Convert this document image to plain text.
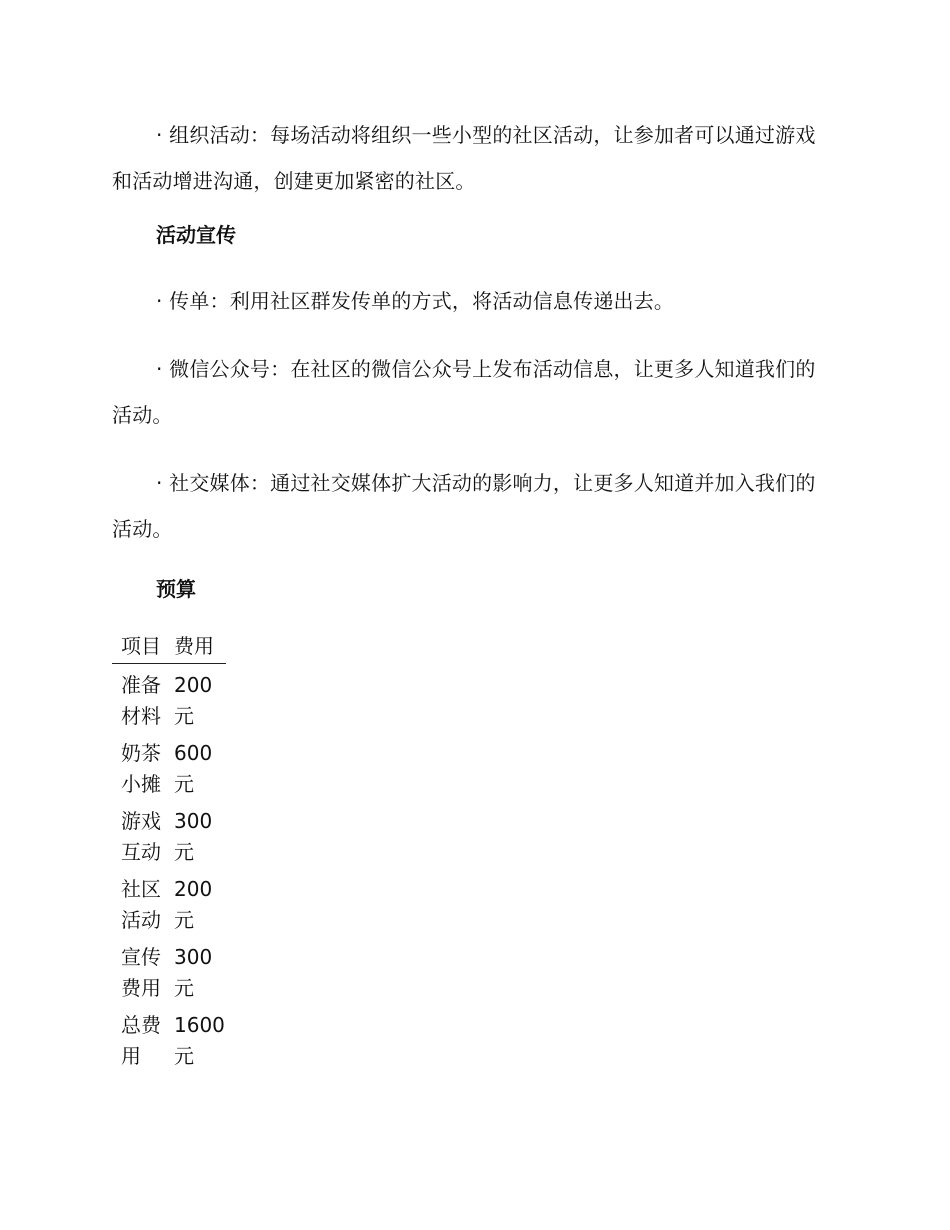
· 组织活动：每场活动将组织一些小型的社区活动，让参加者可以通过游戏和活动增进沟通，创建更加紧密的社区。

活动宣传

· 传单：利用社区群发传单的方式，将活动信息传递出去。

· 微信公众号：在社区的微信公众号上发布活动信息，让更多人知道我们的活动。

· 社交媒体：通过社交媒体扩大活动的影响力，让更多人知道并加入我们的活动。

预算
项目	费用

准备材料	200元

奶茶小摊	600元

游戏互动	300元

社区活动	200元

宣传费用	300元

总费用	1600元
